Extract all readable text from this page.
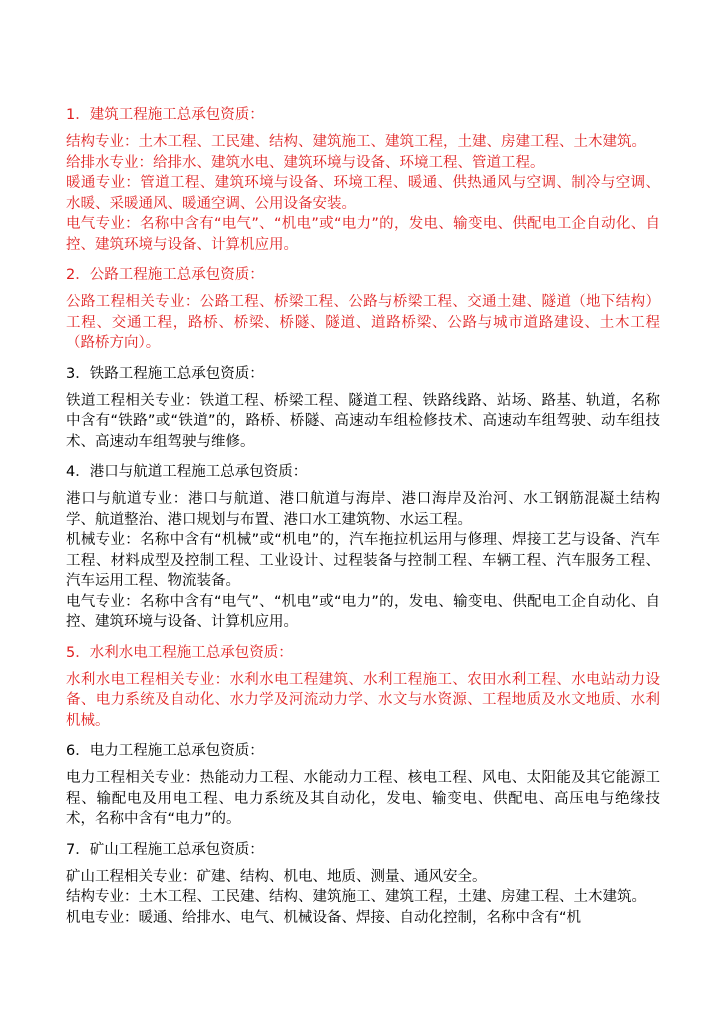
1．建筑工程施工总承包资质：

结构专业：土木工程、工民建、结构、建筑施工、建筑工程，土建、房建工程、土木建筑。

给排水专业：给排水、建筑水电、建筑环境与设备、环境工程、管道工程。

暖通专业：管道工程、建筑环境与设备、环境工程、暖通、供热通风与空调、制冷与空调、水暖、采暖通风、暖通空调、公用设备安装。

电气专业：名称中含有“电气”、“机电”或“电力”的，发电、输变电、供配电工企自动化、自控、建筑环境与设备、计算机应用。

2．公路工程施工总承包资质：

公路工程相关专业：公路工程、桥梁工程、公路与桥梁工程、交通土建、隧道（地下结构）工程、交通工程，路桥、桥梁、桥隧、隧道、道路桥梁、公路与城市道路建设、土木工程（路桥方向）。

3．铁路工程施工总承包资质：

铁道工程相关专业：铁道工程、桥梁工程、隧道工程、铁路线路、站场、路基、轨道，名称中含有“铁路”或“铁道”的，路桥、桥隧、高速动车组检修技术、高速动车组驾驶、动车组技术、高速动车组驾驶与维修。

4．港口与航道工程施工总承包资质：

港口与航道专业：港口与航道、港口航道与海岸、港口海岸及治河、水工钢筋混凝土结构学、航道整治、港口规划与布置、港口水工建筑物、水运工程。

机械专业：名称中含有“机械”或“机电”的，汽车拖拉机运用与修理、焊接工艺与设备、汽车工程、材料成型及控制工程、工业设计、过程装备与控制工程、车辆工程、汽车服务工程、汽车运用工程、物流装备。

电气专业：名称中含有“电气”、“机电”或“电力”的，发电、输变电、供配电工企自动化、自控、建筑环境与设备、计算机应用。

5．水利水电工程施工总承包资质：

水利水电工程相关专业：水利水电工程建筑、水利工程施工、农田水利工程、水电站动力设备、电力系统及自动化、水力学及河流动力学、水文与水资源、工程地质及水文地质、水利机械。

6．电力工程施工总承包资质：

电力工程相关专业：热能动力工程、水能动力工程、核电工程、风电、太阳能及其它能源工程、输配电及用电工程、电力系统及其自动化，发电、输变电、供配电、高压电与绝缘技术，名称中含有“电力”的。

7．矿山工程施工总承包资质：

矿山工程相关专业：矿建、结构、机电、地质、测量、通风安全。

结构专业：土木工程、工民建、结构、建筑施工、建筑工程，土建、房建工程、土木建筑。

机电专业：暖通、给排水、电气、机械设备、焊接、自动化控制，名称中含有“机
